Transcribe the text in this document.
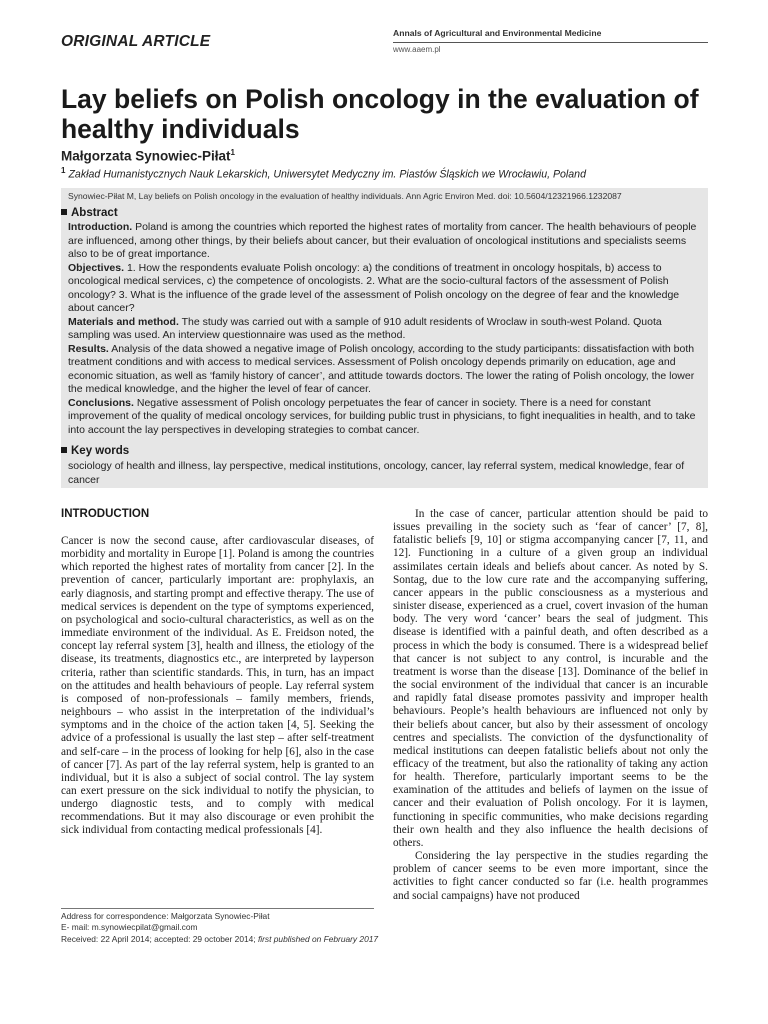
ORIGINAL ARTICLE	Annals of Agricultural and Environmental Medicine
www.aaem.pl
Lay beliefs on Polish oncology in the evaluation of healthy individuals
Małgorzata Synowiec-Piłat$^1$
$^1$ Zakład Humanistycznych Nauk Lekarskich, Uniwersytet Medyczny im. Piastów Śląskich we Wrocławiu, Poland
Synowiec-Piłat M, Lay beliefs on Polish oncology in the evaluation of healthy individuals. Ann Agric Environ Med. doi: 10.5604/12321966.1232087
Abstract

Introduction. Poland is among the countries which reported the highest rates of mortality from cancer. The health behaviours of people are influenced, among other things, by their beliefs about cancer, but their evaluation of oncological institutions and specialists seems also to be of great importance.

Objectives. 1. How the respondents evaluate Polish oncology: a) the conditions of treatment in oncology hospitals, b) access to oncological medical services, c) the competence of oncologists. 2. What are the socio-cultural factors of the assessment of Polish oncology? 3. What is the influence of the grade level of the assessment of Polish oncology on the degree of fear and the knowledge about cancer?

Materials and method. The study was carried out with a sample of 910 adult residents of Wroclaw in south-west Poland. Quota sampling was used. An interview questionnaire was used as the method.

Results. Analysis of the data showed a negative image of Polish oncology, according to the study participants: dissatisfaction with both treatment conditions and with access to medical services. Assessment of Polish oncology depends primarily on education, age and economic situation, as well as ‘family history of cancer’, and attitude towards doctors. The lower the rating of Polish oncology, the lower the medical knowledge, and the higher the level of fear of cancer.

Conclusions. Negative assessment of Polish oncology perpetuates the fear of cancer in society. There is a need for constant improvement of the quality of medical oncology services, for building public trust in physicians, to fight inequalities in health, and to take into account the lay perspectives in developing strategies to combat cancer.

Key words
sociology of health and illness, lay perspective, medical institutions, oncology, cancer, lay referral system, medical knowledge, fear of cancer
INTRODUCTION

Cancer is now the second cause, after cardiovascular diseases, of morbidity and mortality in Europe [1]. Poland is among the countries which reported the highest rates of mortality from cancer [2]. In the prevention of cancer, particularly important are: prophylaxis, an early diagnosis, and starting prompt and effective therapy. The use of medical services is dependent on the type of symptoms experienced, on psychological and socio-cultural characteristics, as well as on the immediate environment of the individual. As E. Freidson noted, the concept lay referral system [3], health and illness, the etiology of the disease, its treatments, diagnostics etc., are interpreted by layperson criteria, rather than scientific standards. This, in turn, has an impact on the attitudes and health behaviours of people. Lay referral system is composed of non-professionals – family members, friends, neighbours – who assist in the interpretation of the individual’s symptoms and in the choice of the action taken [4, 5]. Seeking the advice of a professional is usually the last step – after self-treatment and self-care – in the process of looking for help [6], also in the case of cancer [7]. As part of the lay referral system, help is granted to an individual, but it is also a subject of social control. The lay system can exert pressure on the sick individual to notify the physician, to undergo diagnostic tests, and to comply with medical recommendations. But it may also discourage or even prohibit the sick individual from contacting medical professionals [4].

In the case of cancer, particular attention should be paid to issues prevailing in the society such as ‘fear of cancer’ [7, 8], fatalistic beliefs [9, 10] or stigma accompanying cancer [7, 11, and 12]. Functioning in a culture of a given group an individual assimilates certain ideals and beliefs about cancer. As noted by S. Sontag, due to the low cure rate and the accompanying suffering, cancer appears in the public consciousness as a mysterious and sinister disease, experienced as a cruel, covert invasion of the human body. The very word ‘cancer’ bears the seal of judgment. This disease is identified with a painful death, and often described as a process in which the body is consumed. There is a widespread belief that cancer is not subject to any control, is incurable and the treatment is worse than the disease [13]. Dominance of the belief in the social environment of the individual that cancer is an incurable and rapidly fatal disease promotes passivity and improper health behaviours. People’s health behaviours are influenced not only by their beliefs about cancer, but also by their assessment of oncology centres and specialists. The conviction of the dysfunctionality of medical institutions can deepen fatalistic beliefs about not only the efficacy of the treatment, but also the rationality of taking any action for health. Therefore, particularly important seems to be the examination of the attitudes and beliefs of laymen on the issue of cancer and their evaluation of Polish oncology. For it is laymen, functioning in specific communities, who make decisions regarding their own health and they also influence the health decisions of others.

Considering the lay perspective in the studies regarding the problem of cancer seems to be even more important, since the activities to fight cancer conducted so far (i.e. health programmes and social campaigns) have not produced

Address for correspondence: Małgorzata Synowiec-Piłat
E- mail: m.synowiecpilat@gmail.com
Received: 22 April 2014; accepted: 29 october 2014; first published on February 2017
